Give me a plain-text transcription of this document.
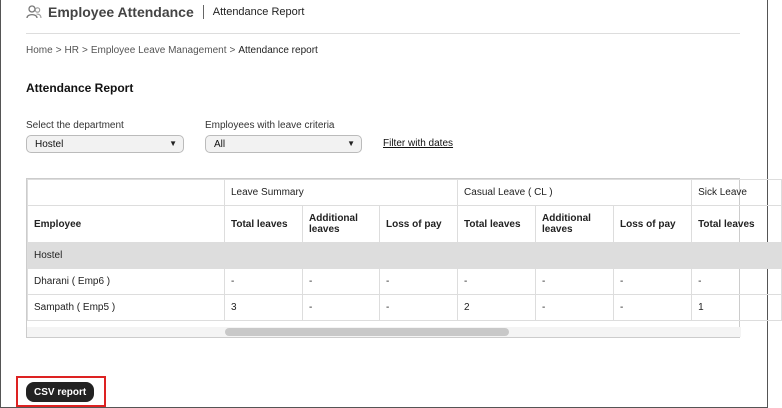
Employee Attendance Attendance Report
Home > HR > Employee Leave Management > Attendance report
Attendance Report
Select the department
Hostel	▼
Employees with leave criteria
All	▼	Filter with dates
	Leave Summary			Casual Leave ( CL )			Sick Leave
Employee	Total leaves	Additional leaves	Loss of pay	Total leaves	Additional leaves	Loss of pay	Total leaves
Hostel							
Dharani ( Emp6 )	-	-	-	-	-	-	-
Sampath ( Emp5 )	3	-	-	2	-	-	1
CSV report
